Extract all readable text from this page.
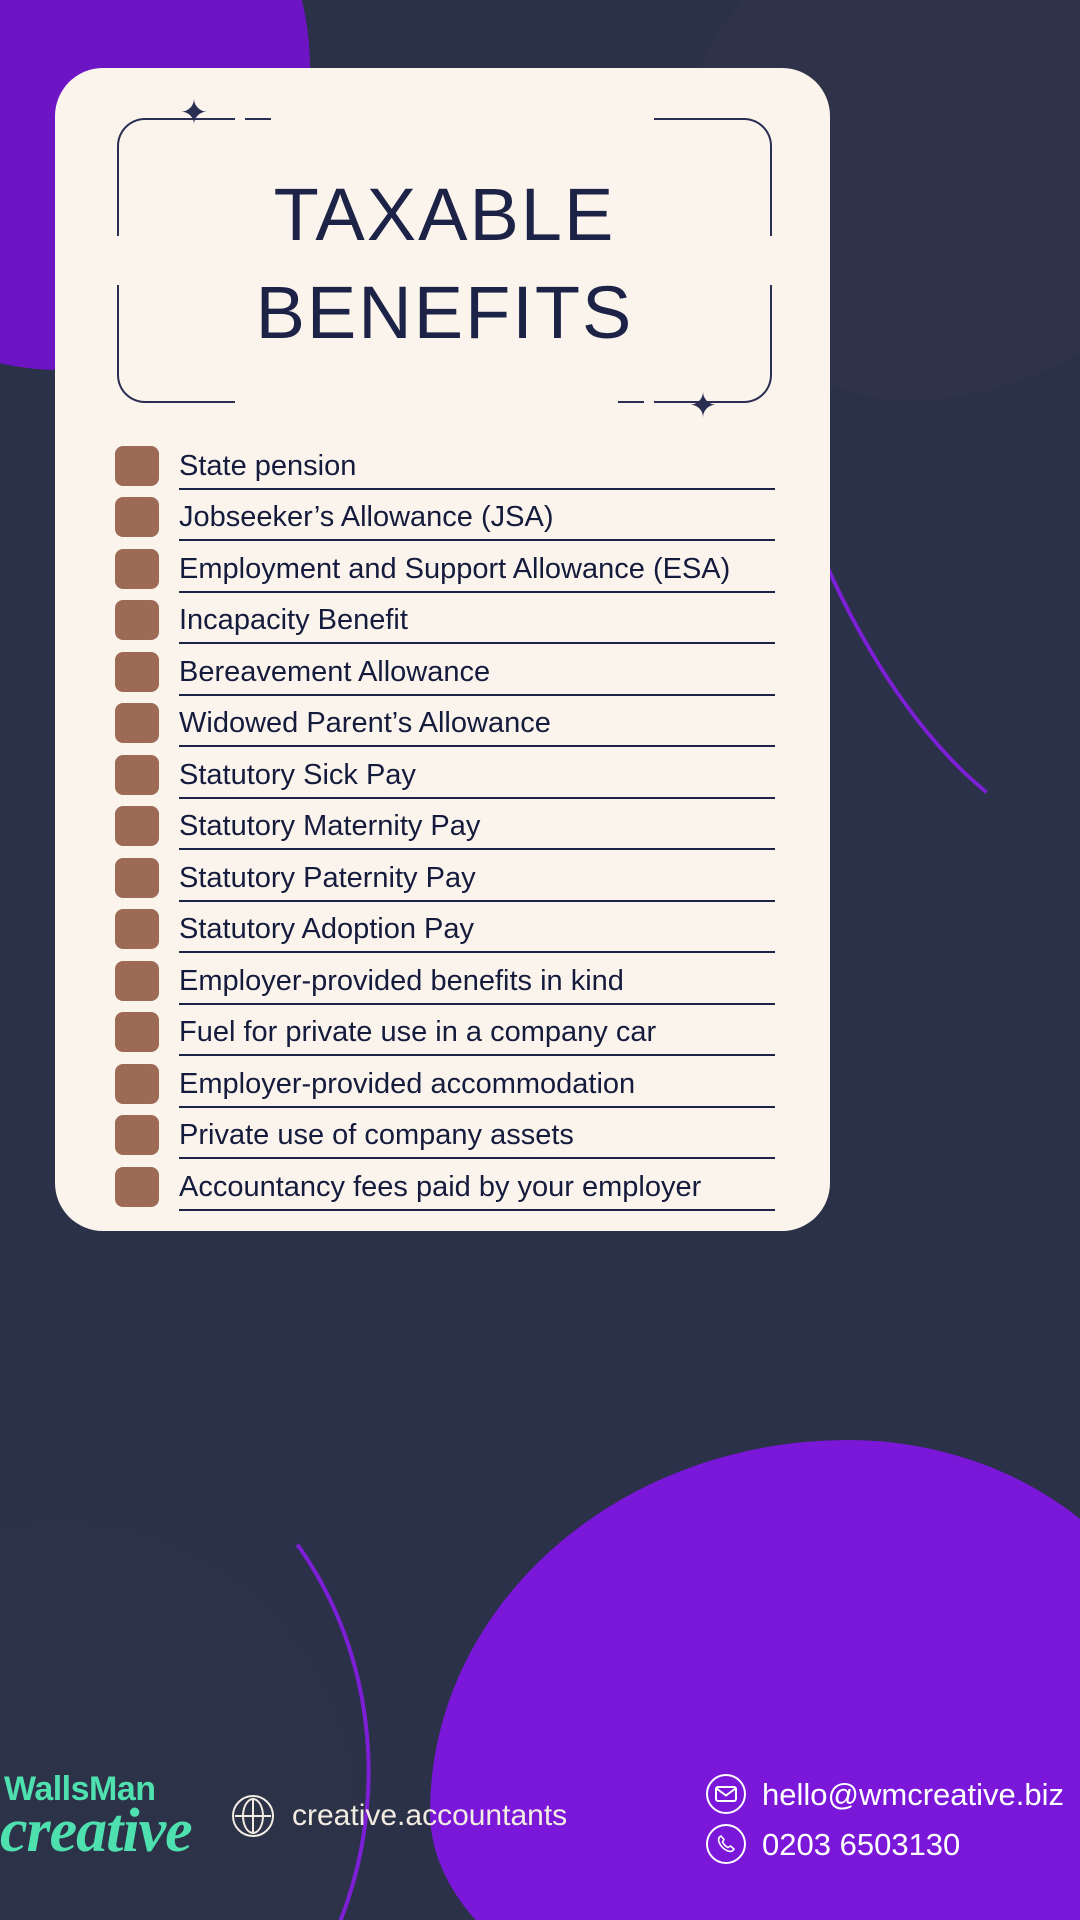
✦
✦
TAXABLE
BENEFITS
State pension
Jobseeker’s Allowance (JSA)
Employment and Support Allowance (ESA)
Incapacity Benefit
Bereavement Allowance
Widowed Parent’s Allowance
Statutory Sick Pay
Statutory Maternity Pay
Statutory Paternity Pay
Statutory Adoption Pay
Employer-provided benefits in kind
Fuel for private use in a company car
Employer-provided accommodation
Private use of company assets
Accountancy fees paid by your employer
WallsMan
creative	creative.accountants
hello@wmcreative.biz
0203 6503130
